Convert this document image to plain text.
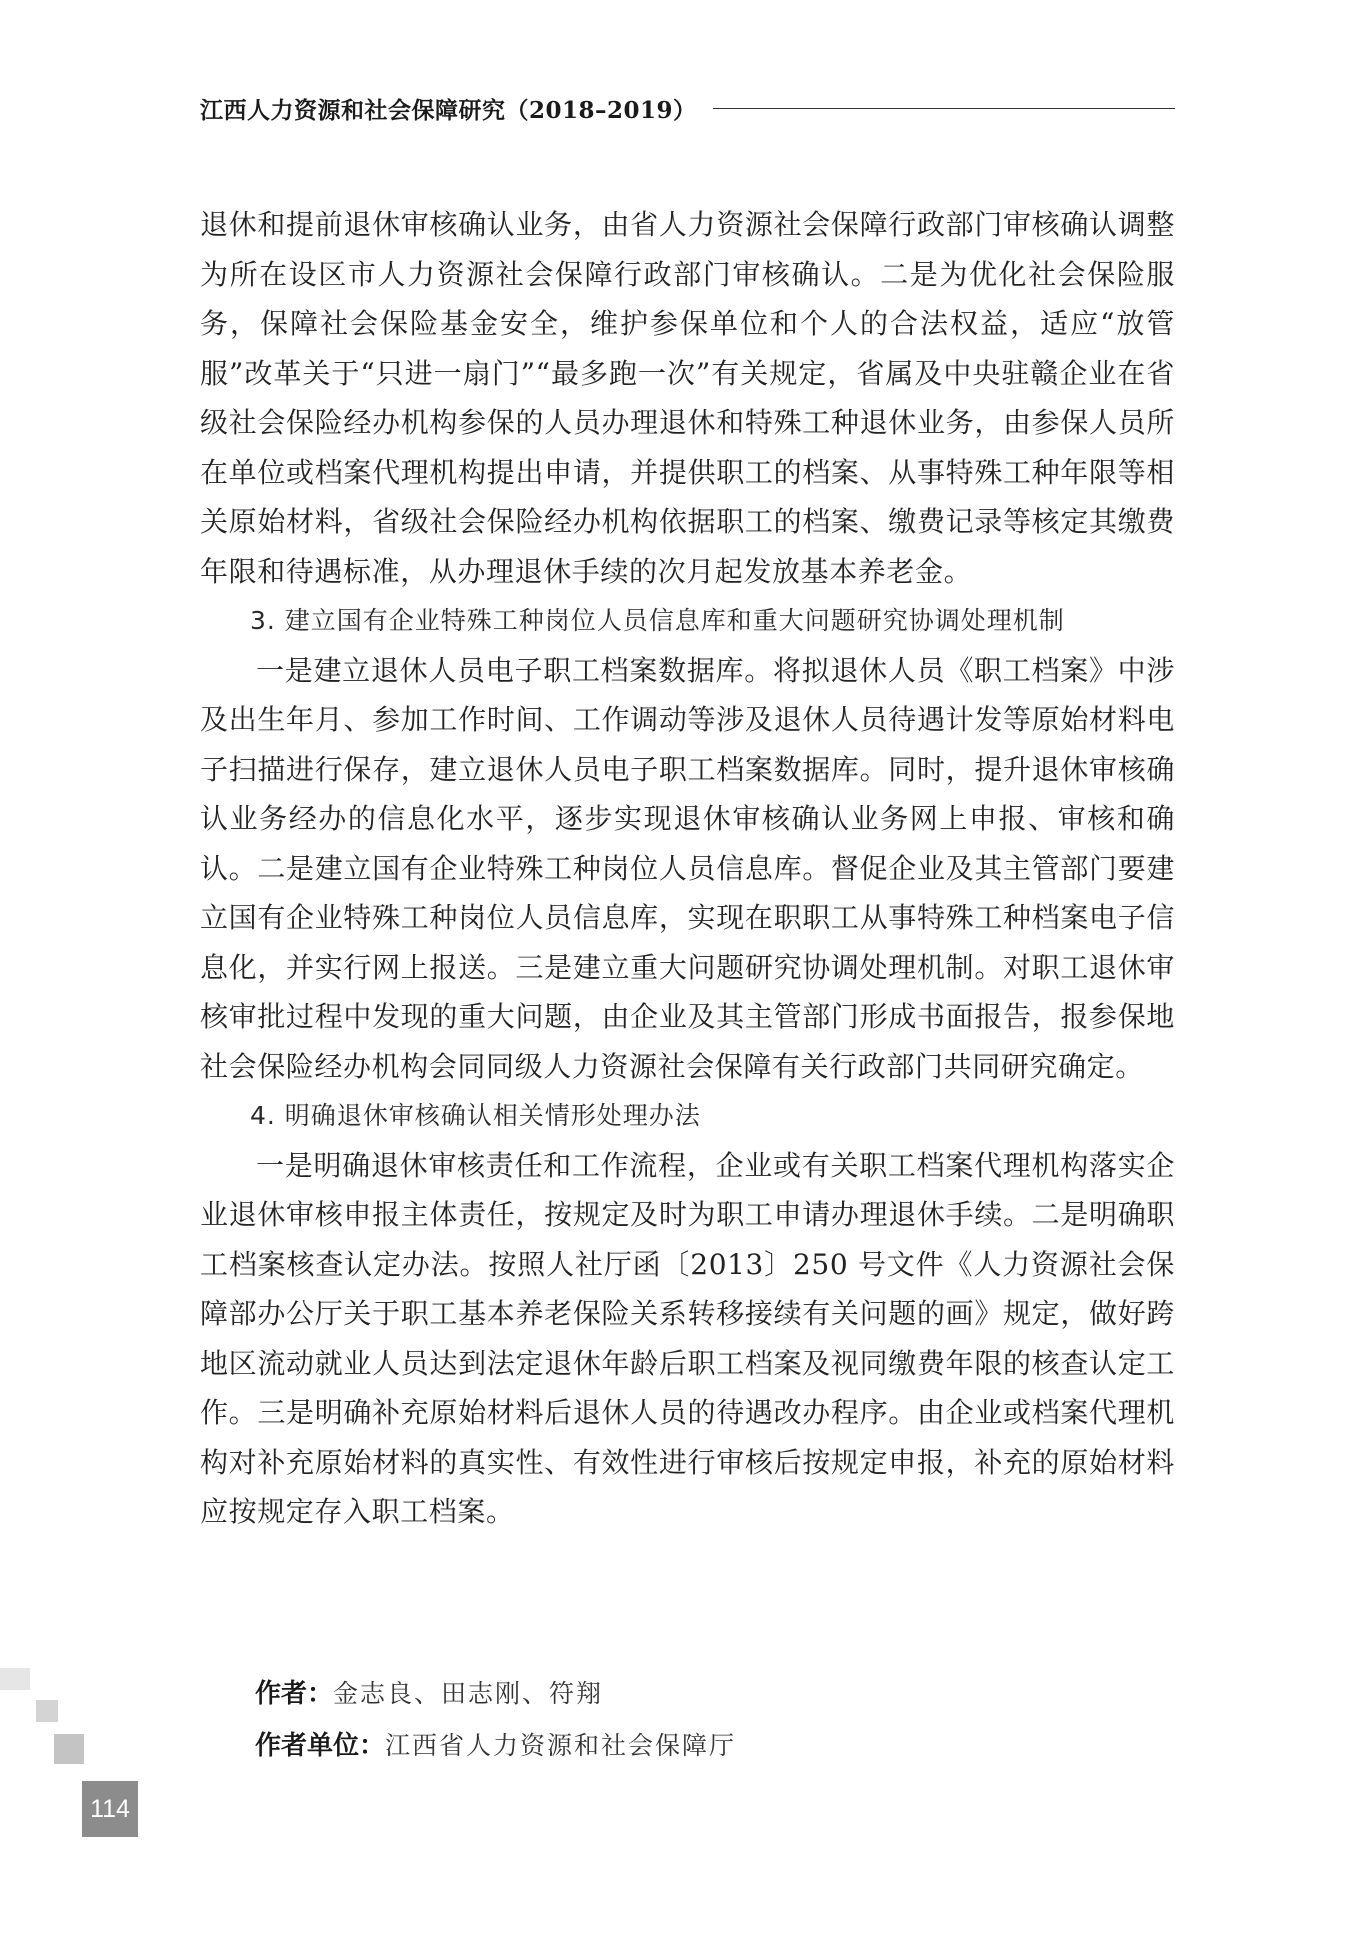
江西人力资源和社会保障研究（2018–2019）

退休和提前退休审核确认业务，由省人力资源社会保障行政部门审核确认调整为所在设区市人力资源社会保障行政部门审核确认。二是为优化社会保险服务，保障社会保险基金安全，维护参保单位和个人的合法权益，适应“放管服”改革关于“只进一扇门”“最多跑一次”有关规定，省属及中央驻赣企业在省级社会保险经办机构参保的人员办理退休和特殊工种退休业务，由参保人员所在单位或档案代理机构提出申请，并提供职工的档案、从事特殊工种年限等相关原始材料，省级社会保险经办机构依据职工的档案、缴费记录等核定其缴费年限和待遇标准，从办理退休手续的次月起发放基本养老金。

3. 建立国有企业特殊工种岗位人员信息库和重大问题研究协调处理机制

一是建立退休人员电子职工档案数据库。将拟退休人员《职工档案》中涉及出生年月、参加工作时间、工作调动等涉及退休人员待遇计发等原始材料电子扫描进行保存，建立退休人员电子职工档案数据库。同时，提升退休审核确认业务经办的信息化水平，逐步实现退休审核确认业务网上申报、审核和确认。二是建立国有企业特殊工种岗位人员信息库。督促企业及其主管部门要建立国有企业特殊工种岗位人员信息库，实现在职职工从事特殊工种档案电子信息化，并实行网上报送。三是建立重大问题研究协调处理机制。对职工退休审核审批过程中发现的重大问题，由企业及其主管部门形成书面报告，报参保地社会保险经办机构会同同级人力资源社会保障有关行政部门共同研究确定。

4. 明确退休审核确认相关情形处理办法

一是明确退休审核责任和工作流程，企业或有关职工档案代理机构落实企业退休审核申报主体责任，按规定及时为职工申请办理退休手续。二是明确职工档案核查认定办法。按照人社厅函〔2013〕250 号文件《人力资源社会保障部办公厅关于职工基本养老保险关系转移接续有关问题的画》规定，做好跨地区流动就业人员达到法定退休年龄后职工档案及视同缴费年限的核查认定工作。三是明确补充原始材料后退休人员的待遇改办程序。由企业或档案代理机构对补充原始材料的真实性、有效性进行审核后按规定申报，补充的原始材料应按规定存入职工档案。

作者：金志良、田志刚、符翔
作者单位：江西省人力资源和社会保障厅
114
